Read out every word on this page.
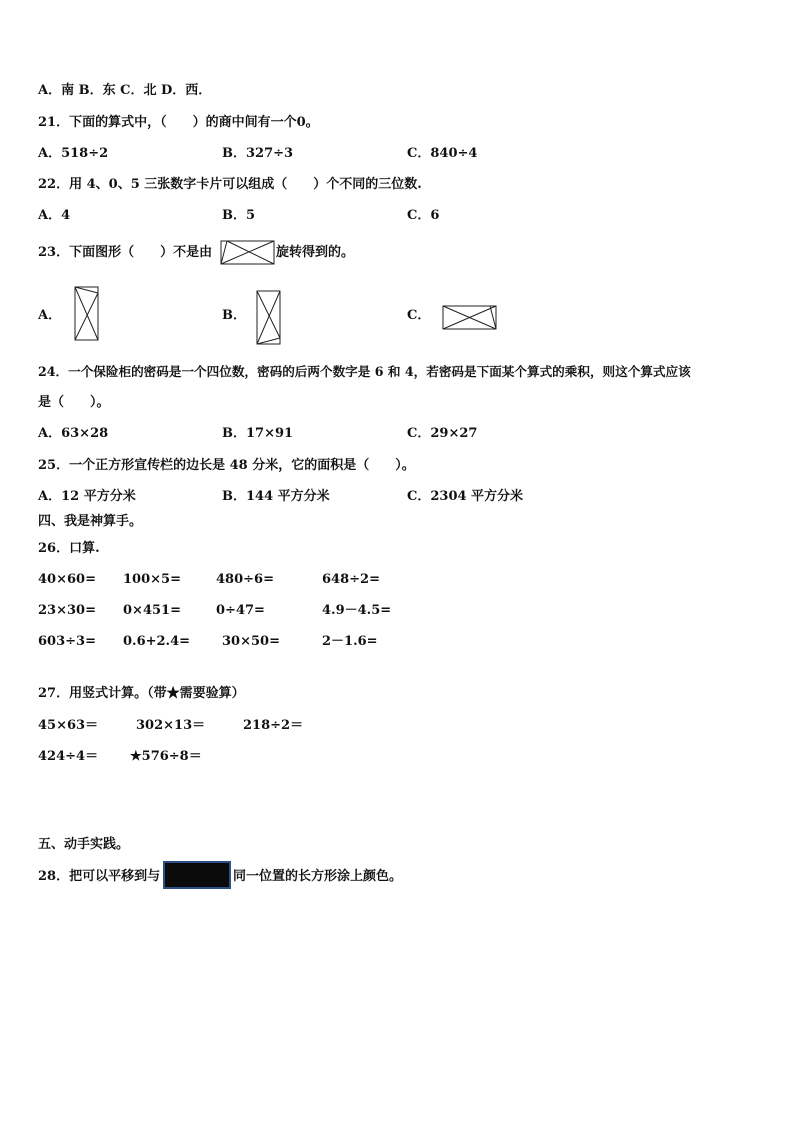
A．南 B．东 C．北 D．西．
21．下面的算式中，（　　）的商中间有一个0。
A．518÷2	B．327÷3	C．840÷4
22．用 4、0、5 三张数字卡片可以组成（　　）个不同的三位数.
A．4	B．5	C．6
23．下面图形（　　）不是由	旋转得到的。
A．	B．	C．
24．一个保险柜的密码是一个四位数，密码的后两个数字是 6 和 4，若密码是下面某个算式的乘积，则这个算式应该
是（　　）。
A．63×28	B．17×91	C．29×27
25．一个正方形宣传栏的边长是 48 分米，它的面积是（　　）。
A．12 平方分米	B．144 平方分米	C．2304 平方分米
四、我是神算手。
26．口算.
40×60= 100×5=	480÷6=	648÷2=
23×30= 0×451=	0÷47=	4.9－4.5=
603÷3= 0.6+2.4= 30×50=	2－1.6=
27．用竖式计算。（带★需要验算）
45×63＝	302×13＝	218÷2＝
424÷4＝ ★576÷8＝
五、动手实践。
28．把可以平移到与	同一位置的长方形涂上颜色。
